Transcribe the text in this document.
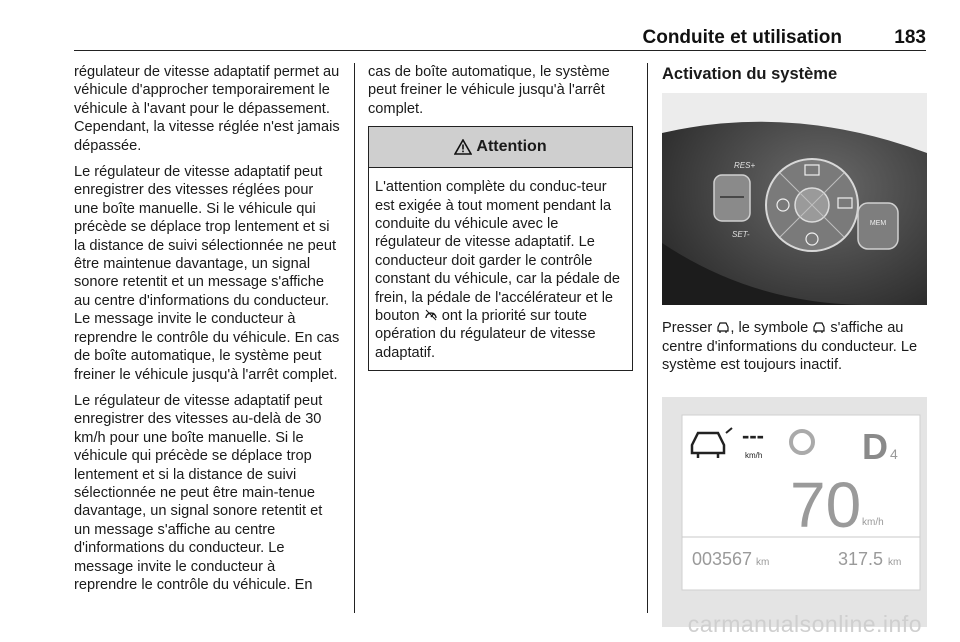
Conduite et utilisation	183

régulateur de vitesse adaptatif permet au véhicule d'approcher temporairement le véhicule à l'avant pour le dépassement. Cependant, la vitesse réglée n'est jamais dépassée.

Le régulateur de vitesse adaptatif peut enregistrer des vitesses réglées pour une boîte manuelle. Si le véhicule qui précède se déplace trop lentement et si la distance de suivi sélectionnée ne peut être maintenue davantage, un signal sonore retentit et un message s'affiche au centre d'informations du conducteur. Le message invite le conducteur à reprendre le contrôle du véhicule. En cas de boîte automatique, le système peut freiner le véhicule jusqu'à l'arrêt complet.

Le régulateur de vitesse adaptatif peut enregistrer des vitesses au-delà de 30 km/h pour une boîte manuelle. Si le véhicule qui précède se déplace trop lentement et si la distance de suivi sélectionnée ne peut être main‑tenue davantage, un signal sonore retentit et un message s'affiche au centre d'informations du conducteur. Le message invite le conducteur à reprendre le contrôle du véhicule. En

cas de boîte automatique, le système peut freiner le véhicule jusqu'à l'arrêt complet.

Attention
L'attention complète du conduc‑teur est exigée à tout moment pendant la conduite du véhicule avec le régulateur de vitesse adaptatif. Le conducteur doit garder le contrôle constant du véhicule, car la pédale de frein, la pédale de l'accélérateur et le bouton  ont la priorité sur toute opération du régulateur de vitesse adaptatif.
Activation du système
RES+
SET-
MEM

Presser , le symbole  s'affiche au centre d'informations du conducteur. Le système est toujours inactif.

---
km/h	D 4
70 km/h
003567 km	317.5 km
carmanualsonline.info
